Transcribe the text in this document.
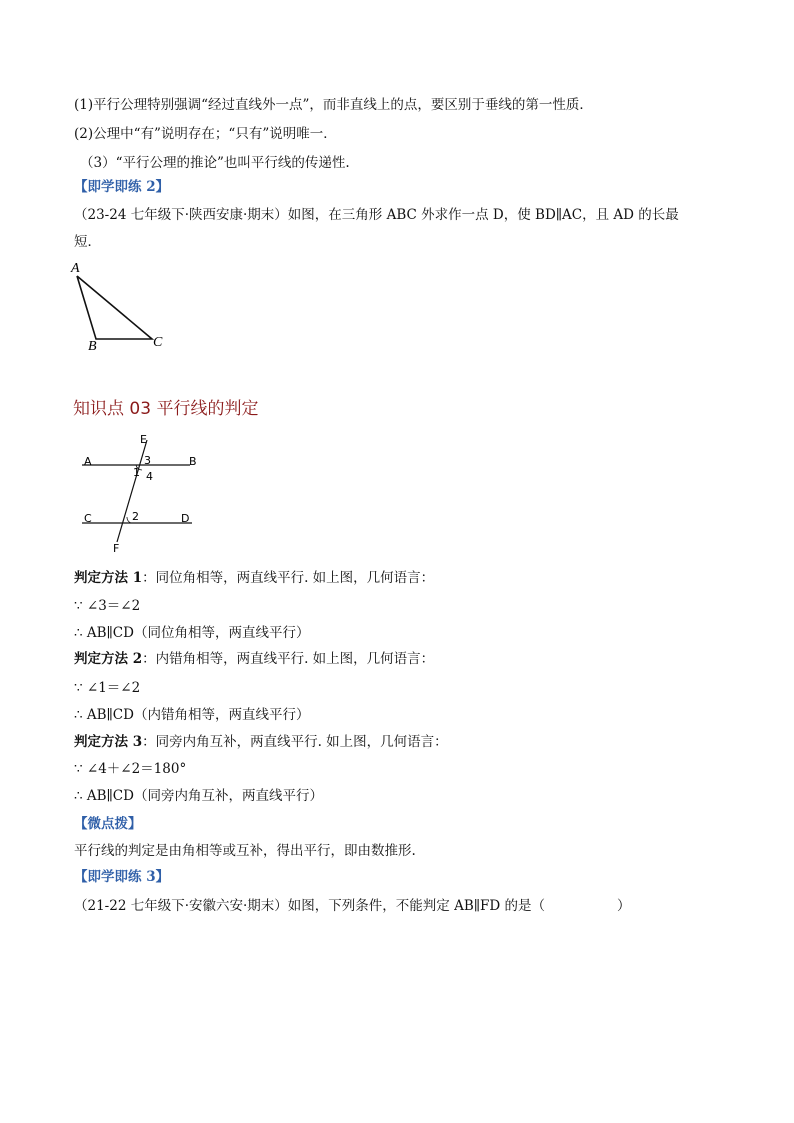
(1)平行公理特别强调“经过直线外一点”，而非直线上的点，要区别于垂线的第一性质．
(2)公理中“有”说明存在；“只有”说明唯一．
（3）“平行公理的推论”也叫平行线的传递性.
【即学即练 2】
（23-24 七年级下·陕西安康·期末）如图，在三角形 ABC 外求作一点 D，使 BD∥AC，且 AD 的长最
短．
A
B	C
知识点 03 平行线的判定
E
A	B
1
3
4
C	2	D
F
判定方法 1：同位角相等，两直线平行. 如上图，几何语言：
∵ ∠3＝∠2
∴ AB∥CD（同位角相等，两直线平行）
判定方法 2：内错角相等，两直线平行. 如上图，几何语言：
∵ ∠1＝∠2
∴ AB∥CD（内错角相等，两直线平行）
判定方法 3：同旁内角互补，两直线平行. 如上图，几何语言：
∵ ∠4＋∠2＝180°
∴ AB∥CD（同旁内角互补，两直线平行）
【微点拨】
平行线的判定是由角相等或互补，得出平行，即由数推形.
【即学即练 3】
（21-22 七年级下·安徽六安·期末）如图，下列条件，不能判定 AB∥FD 的是（	）
